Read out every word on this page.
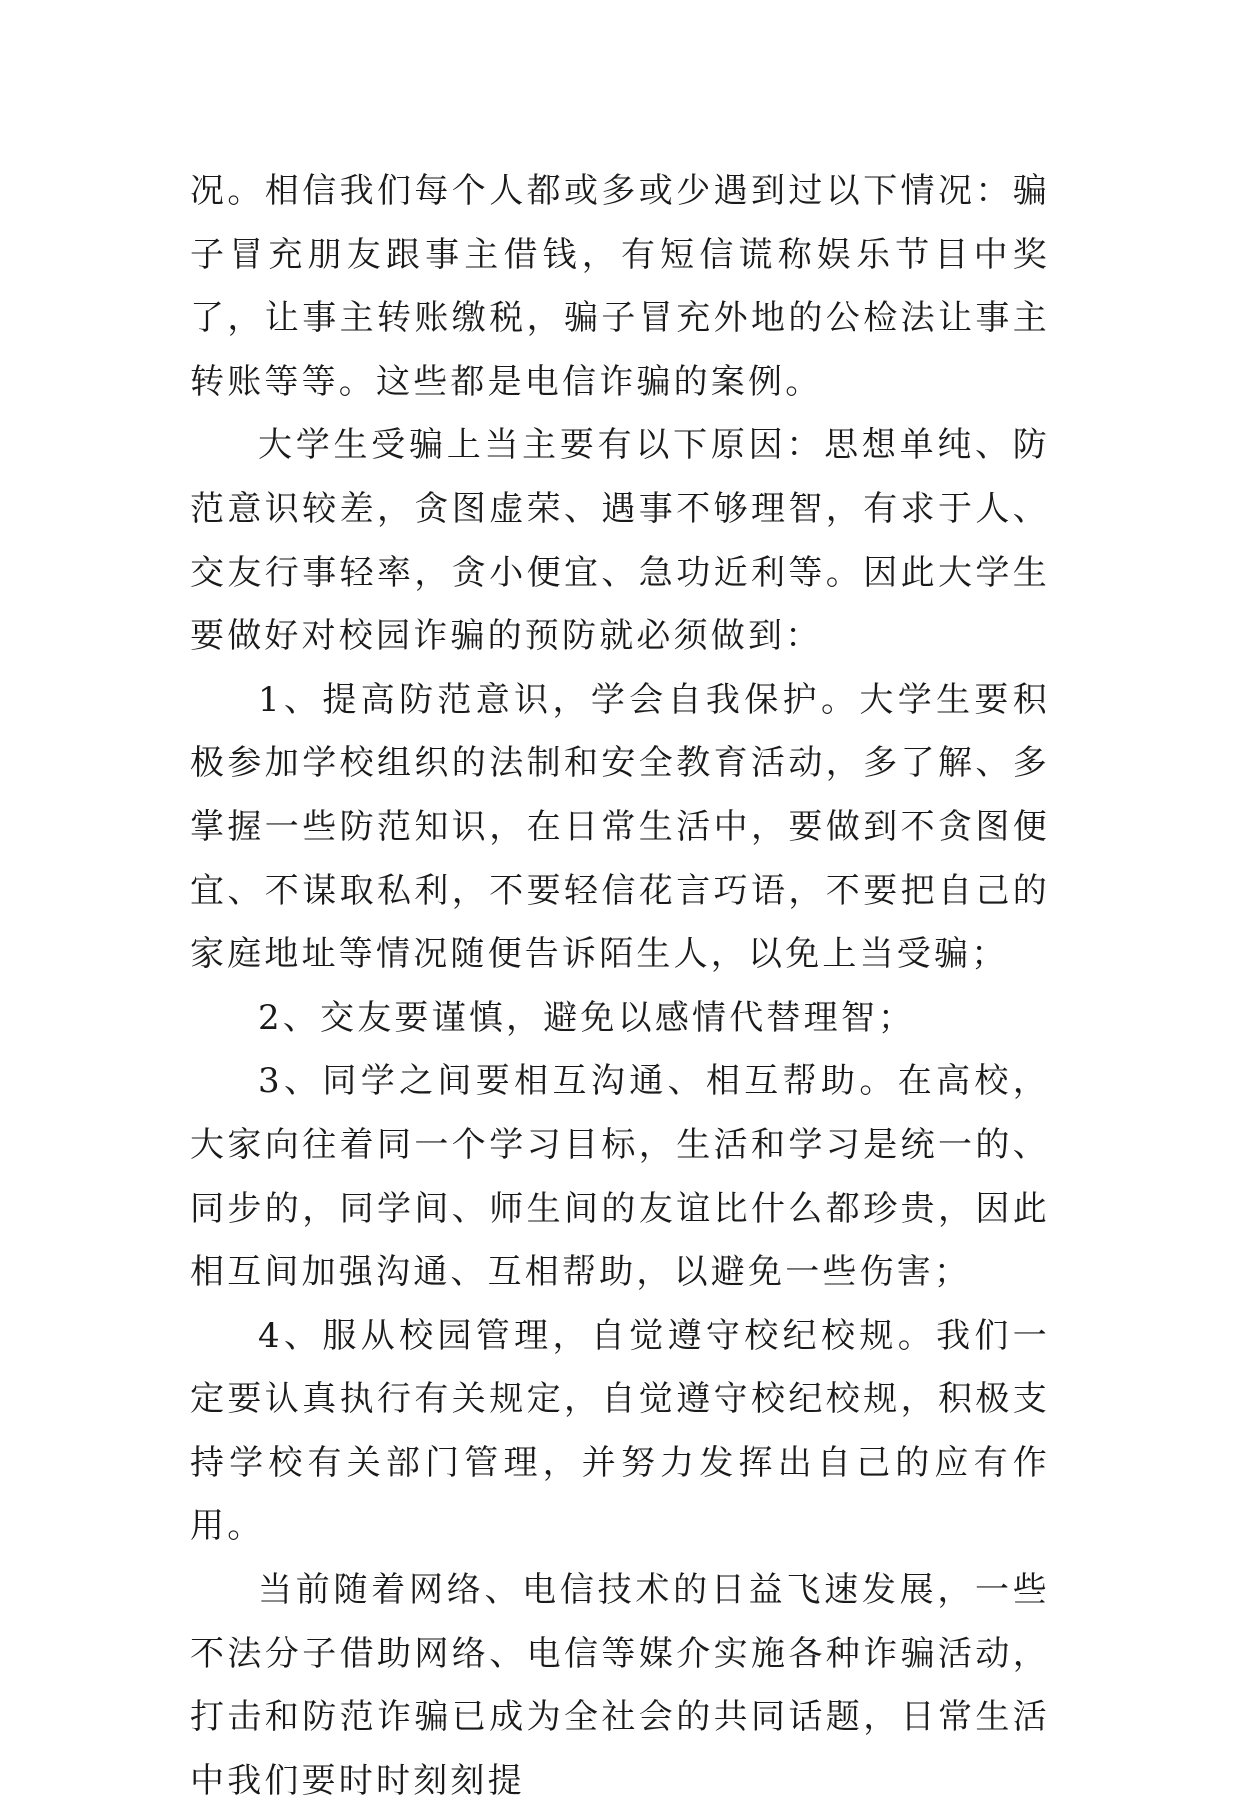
况。相信我们每个人都或多或少遇到过以下情况：骗子冒充朋友跟事主借钱，有短信谎称娱乐节目中奖了，让事主转账缴税，骗子冒充外地的公检法让事主转账等等。这些都是电信诈骗的案例。

大学生受骗上当主要有以下原因：思想单纯、防范意识较差，贪图虚荣、遇事不够理智，有求于人、交友行事轻率，贪小便宜、急功近利等。因此大学生要做好对校园诈骗的预防就必须做到：

1、提高防范意识，学会自我保护。大学生要积极参加学校组织的法制和安全教育活动，多了解、多掌握一些防范知识，在日常生活中，要做到不贪图便宜、不谋取私利，不要轻信花言巧语，不要把自己的家庭地址等情况随便告诉陌生人，以免上当受骗；

2、交友要谨慎，避免以感情代替理智；

3、同学之间要相互沟通、相互帮助。在高校，大家向往着同一个学习目标，生活和学习是统一的、同步的，同学间、师生间的友谊比什么都珍贵，因此相互间加强沟通、互相帮助，以避免一些伤害；

4、服从校园管理，自觉遵守校纪校规。我们一定要认真执行有关规定，自觉遵守校纪校规，积极支持学校有关部门管理，并努力发挥出自己的应有作用。

当前随着网络、电信技术的日益飞速发展，一些不法分子借助网络、电信等媒介实施各种诈骗活动，打击和防范诈骗已成为全社会的共同话题，日常生活中我们要时时刻刻提
